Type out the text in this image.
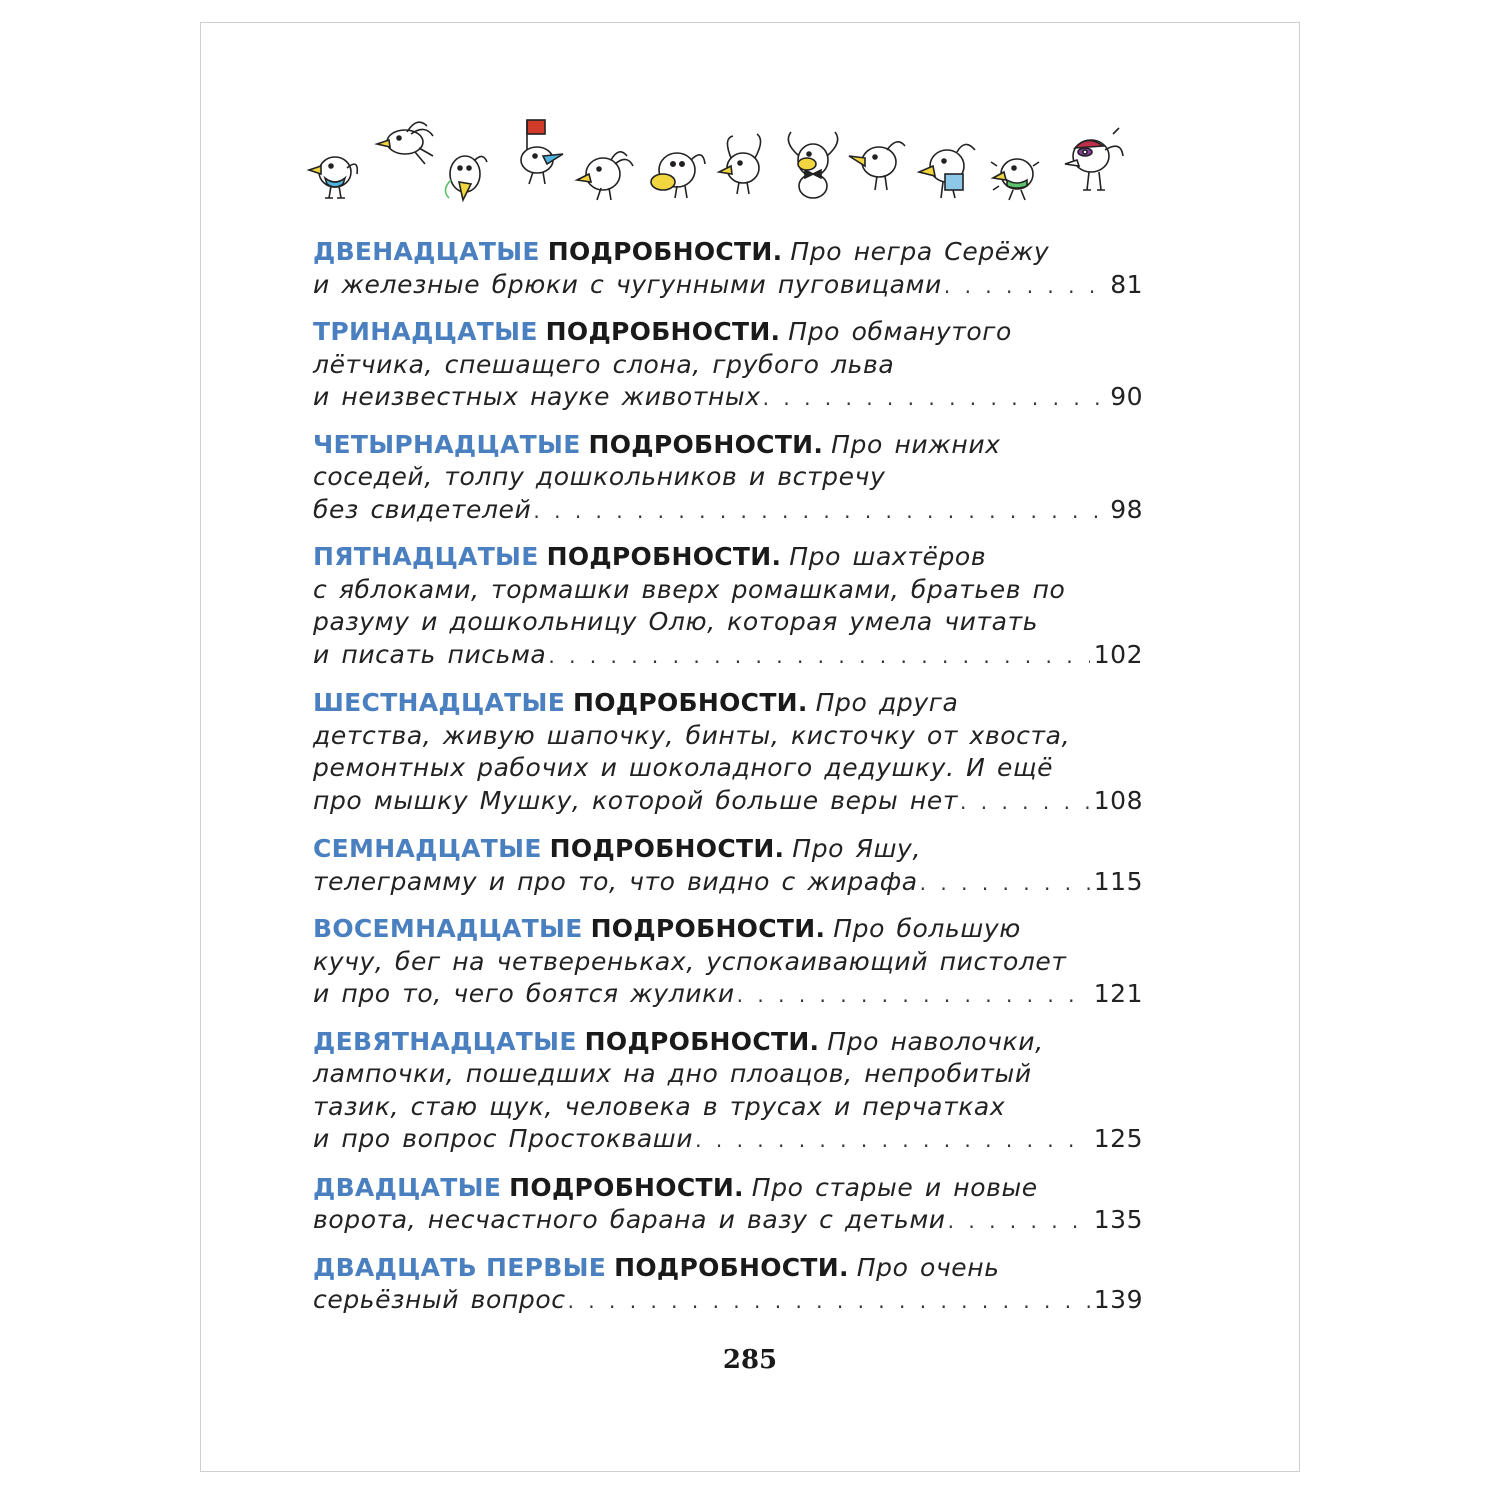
ДВЕНАДЦАТЫЕ ПОДРОБНОСТИ. Про негра Серёжу

и железные брюки с чугунными пуговицами . . .	81

ТРИНАДЦАТЫЕ ПОДРОБНОСТИ. Про обманутого

лётчика, спешащего слона, грубого льва

и неизвестных науке животных . . .	90

ЧЕТЫРНАДЦАТЫЕ ПОДРОБНОСТИ. Про нижних

соседей, толпу дошкольников и встречу

без свидетелей . . .	98

ПЯТНАДЦАТЫЕ ПОДРОБНОСТИ. Про шахтёров

с яблоками, тормашки вверх ромашками, братьев по

разуму и дошкольницу Олю, которая умела читать

и писать письма . . .	102

ШЕСТНАДЦАТЫЕ ПОДРОБНОСТИ. Про друга

детства, живую шапочку, бинты, кисточку от хвоста,

ремонтных рабочих и шоколадного дедушку. И ещё

про мышку Мушку, которой больше веры нет . . .	108

СЕМНАДЦАТЫЕ ПОДРОБНОСТИ. Про Яшу,

телеграмму и про то, что видно с жирафа . . .	115

ВОСЕМНАДЦАТЫЕ ПОДРОБНОСТИ. Про большую

кучу, бег на четвереньках, успокаивающий пистолет

и про то, чего боятся жулики . . .	121

ДЕВЯТНАДЦАТЫЕ ПОДРОБНОСТИ. Про наволочки,

лампочки, пошедших на дно плоацов, непробитый

тазик, стаю щук, человека в трусах и перчатках

и про вопрос Простокваши . . .	125

ДВАДЦАТЫЕ ПОДРОБНОСТИ. Про старые и новые

ворота, несчастного барана и вазу с детьми . . .	135

ДВАДЦАТЬ ПЕРВЫЕ ПОДРОБНОСТИ. Про очень

серьёзный вопрос . . .	139
285
